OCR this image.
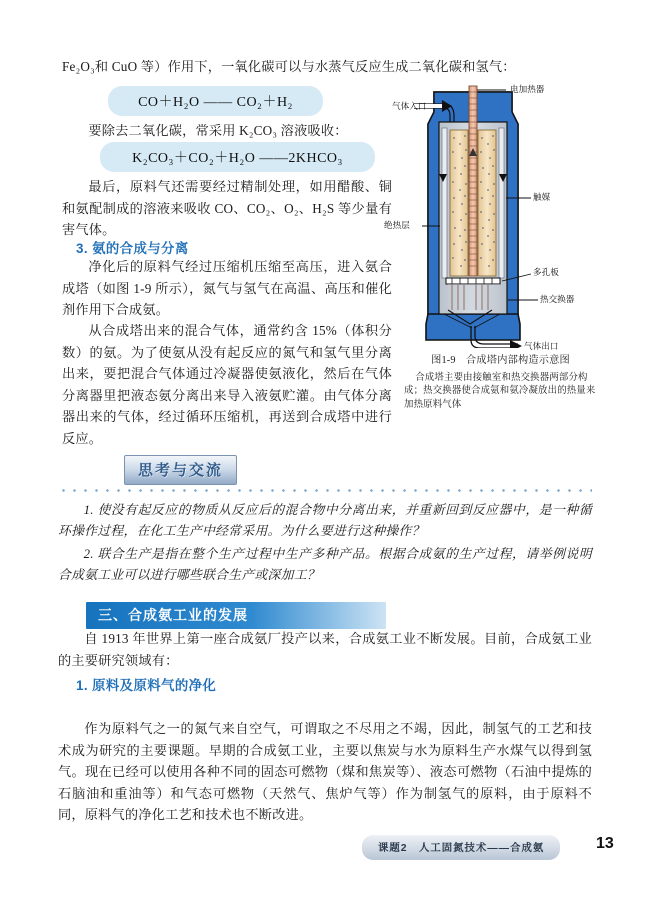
Fe₂O₃和 CuO 等）作用下，一氧化碳可以与水蒸气反应生成二氧化碳和氢气：
CO＋H₂O —— CO₂＋H₂
要除去二氧化碳，常采用 K₂CO₃ 溶液吸收：
K₂CO₃＋CO₂＋H₂O ——2KHCO₃
最后，原料气还需要经过精制处理，如用醋酸、铜和氨配制成的溶液来吸收 CO、CO₂、O₂、H₂S 等少量有害气体。
3. 氨的合成与分离
净化后的原料气经过压缩机压缩至高压，进入氨合成塔（如图 1-9 所示），氮气与氢气在高温、高压和催化剂作用下合成氨。
从合成塔出来的混合气体，通常约含 15%（体积分数）的氨。为了使氨从没有起反应的氮气和氢气里分离出来，要把混合气体通过冷凝器使氨液化，然后在气体分离器里把液态氨分离出来导入液氨贮灌。由气体分离器出来的气体，经过循环压缩机，再送到合成塔中进行反应。
电加热器
气体入口
触媒
绝热层
多孔板
热交换器
气体出口
图1-9　合成塔内部构造示意图
合成塔主要由接触室和热交换器两部分构成；热交换器使合成氨和氨冷凝放出的热量来加热原料气体
思考与交流
1. 使没有起反应的物质从反应后的混合物中分离出来，并重新回到反应器中，是一种循环操作过程，在化工生产中经常采用。为什么要进行这种操作？
2. 联合生产是指在整个生产过程中生产多种产品。根据合成氨的生产过程，请举例说明合成氨工业可以进行哪些联合生产或深加工？
三、合成氨工业的发展
自 1913 年世界上第一座合成氨厂投产以来，合成氨工业不断发展。目前，合成氨工业的主要研究领域有：
1. 原料及原料气的净化
作为原料气之一的氮气来自空气，可谓取之不尽用之不竭，因此，制氢气的工艺和技术成为研究的主要课题。早期的合成氨工业，主要以焦炭与水为原料生产水煤气以得到氢气。现在已经可以使用各种不同的固态可燃物（煤和焦炭等）、液态可燃物（石油中提炼的石脑油和重油等）和气态可燃物（天然气、焦炉气等）作为制氢气的原料，由于原料不同，原料气的净化工艺和技术也不断改进。
课题2　人工固氮技术——合成氨	13
